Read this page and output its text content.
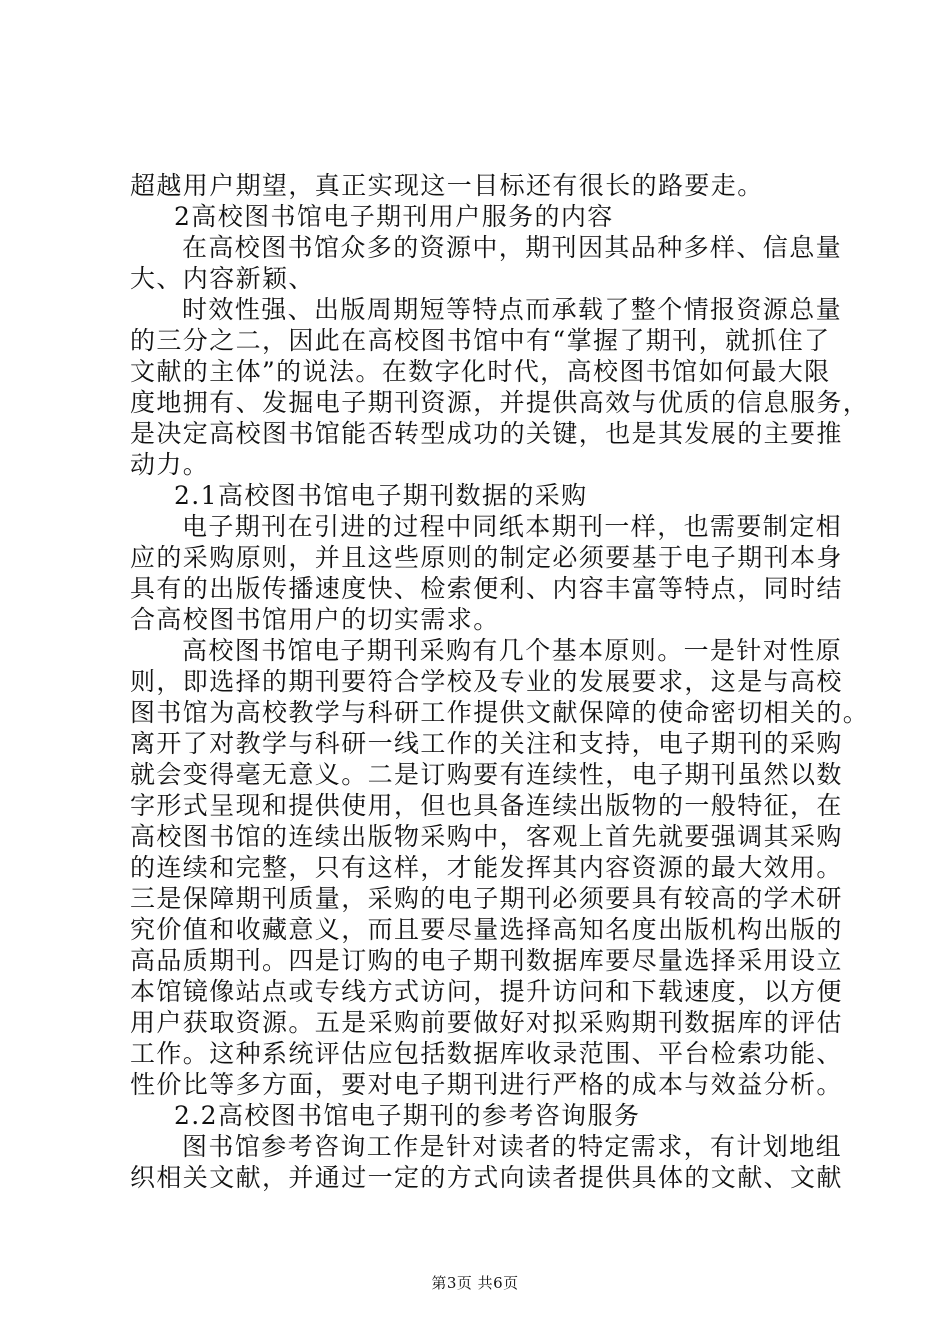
超越用户期望，真正实现这一目标还有很长的路要走。
2高校图书馆电子期刊用户服务的内容
在高校图书馆众多的资源中，期刊因其品种多样、信息量
大、内容新颖、
时效性强、出版周期短等特点而承载了整个情报资源总量
的三分之二，因此在高校图书馆中有“掌握了期刊，就抓住了
文献的主体”的说法。在数字化时代，高校图书馆如何最大限
度地拥有、发掘电子期刊资源，并提供高效与优质的信息服务，
是决定高校图书馆能否转型成功的关键，也是其发展的主要推
动力。
2.1高校图书馆电子期刊数据的采购
电子期刊在引进的过程中同纸本期刊一样，也需要制定相
应的采购原则，并且这些原则的制定必须要基于电子期刊本身
具有的出版传播速度快、检索便利、内容丰富等特点，同时结
合高校图书馆用户的切实需求。
高校图书馆电子期刊采购有几个基本原则。一是针对性原
则，即选择的期刊要符合学校及专业的发展要求，这是与高校
图书馆为高校教学与科研工作提供文献保障的使命密切相关的。
离开了对教学与科研一线工作的关注和支持，电子期刊的采购
就会变得毫无意义。二是订购要有连续性，电子期刊虽然以数
字形式呈现和提供使用，但也具备连续出版物的一般特征，在
高校图书馆的连续出版物采购中，客观上首先就要强调其采购
的连续和完整，只有这样，才能发挥其内容资源的最大效用。
三是保障期刊质量，采购的电子期刊必须要具有较高的学术研
究价值和收藏意义，而且要尽量选择高知名度出版机构出版的
高品质期刊。四是订购的电子期刊数据库要尽量选择采用设立
本馆镜像站点或专线方式访问，提升访问和下载速度，以方便
用户获取资源。五是采购前要做好对拟采购期刊数据库的评估
工作。这种系统评估应包括数据库收录范围、平台检索功能、
性价比等多方面，要对电子期刊进行严格的成本与效益分析。
2.2高校图书馆电子期刊的参考咨询服务
图书馆参考咨询工作是针对读者的特定需求，有计划地组
织相关文献，并通过一定的方式向读者提供具体的文献、文献
第3页 共6页
